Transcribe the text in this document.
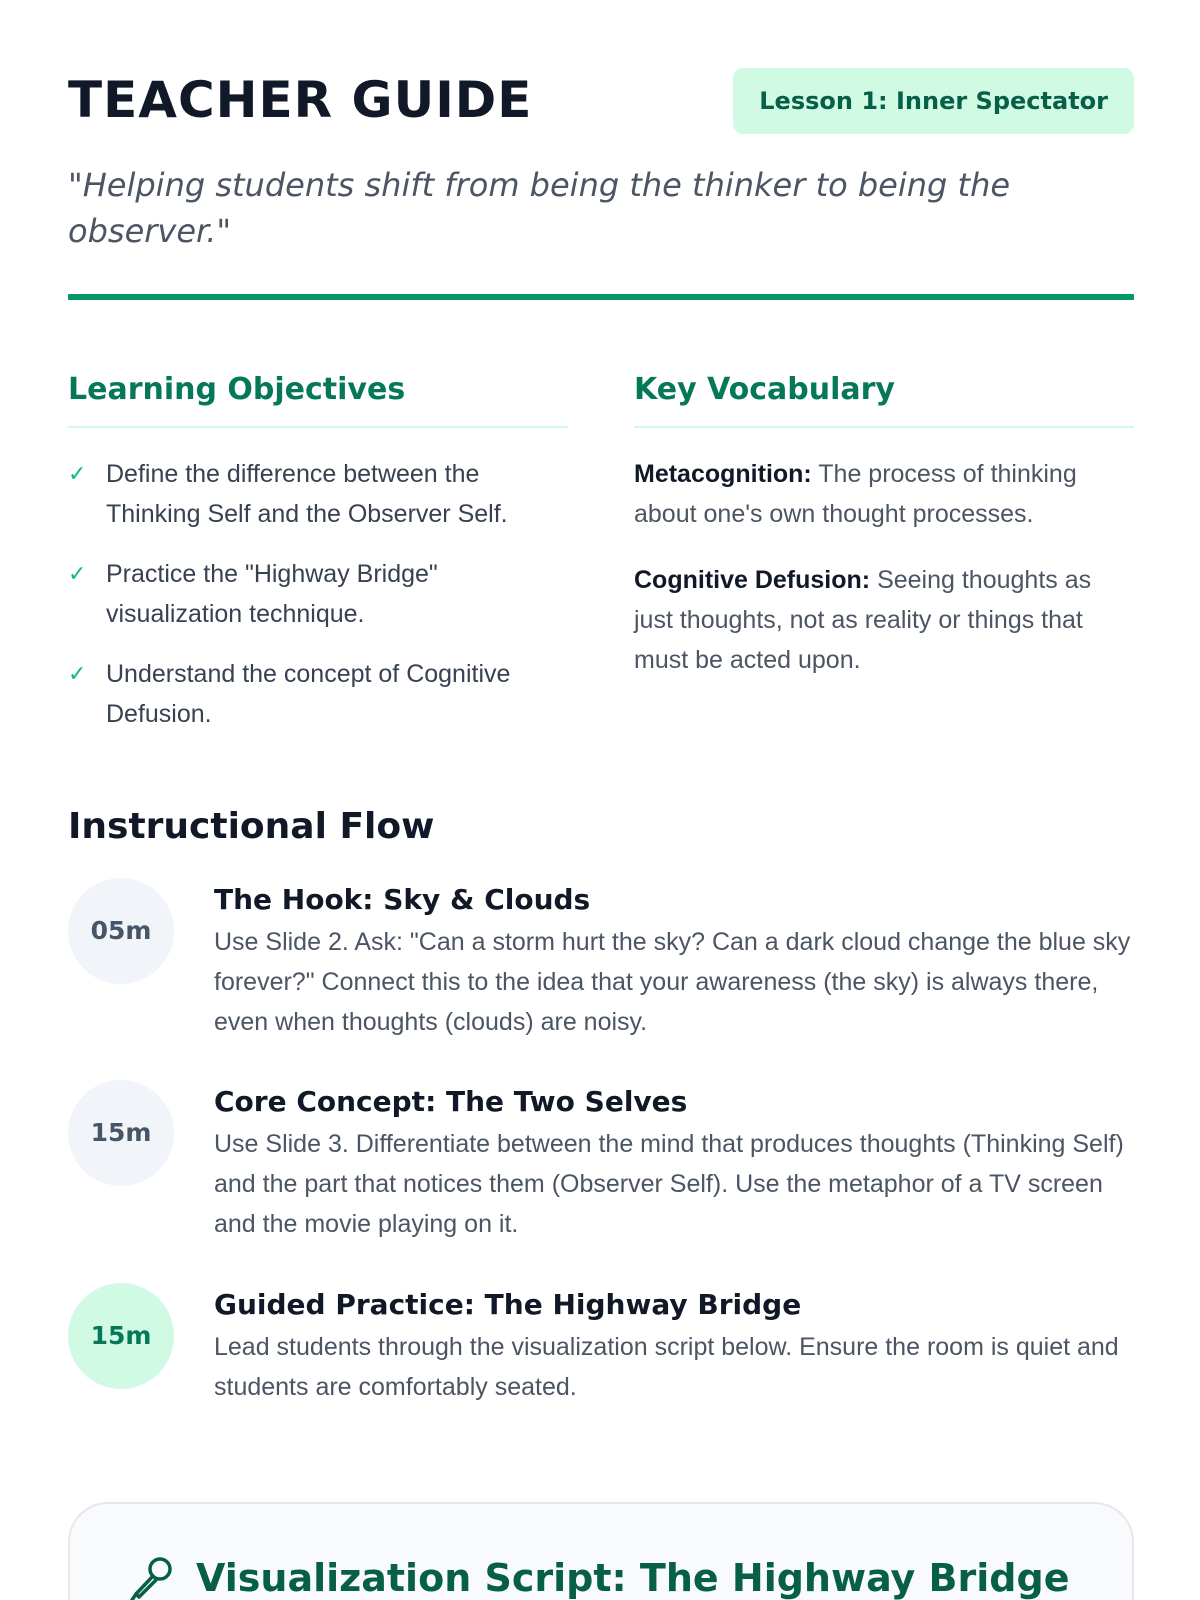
TEACHER GUIDE	Lesson 1: Inner Spectator

"Helping students shift from being the thinker to being the observer."

Learning Objectives
✓ Define the difference between the Thinking Self and the Observer Self.
✓ Practice the "Highway Bridge" visualization technique.
✓ Understand the concept of Cognitive Defusion.
Key Vocabulary

Metacognition: The process of thinking about one's own thought processes.

Cognitive Defusion: Seeing thoughts as just thoughts, not as reality or things that must be acted upon.

Instructional Flow
05m
The Hook: Sky & Clouds

Use Slide 2. Ask: "Can a storm hurt the sky? Can a dark cloud change the blue sky forever?" Connect this to the idea that your awareness (the sky) is always there, even when thoughts (clouds) are noisy.

15m
Core Concept: The Two Selves

Use Slide 3. Differentiate between the mind that produces thoughts (Thinking Self) and the part that notices them (Observer Self). Use the metaphor of a TV screen and the movie playing on it.

15m
Guided Practice: The Highway Bridge

Lead students through the visualization script below. Ensure the room is quiet and students are comfortably seated.

Visualization Script: The Highway Bridge
